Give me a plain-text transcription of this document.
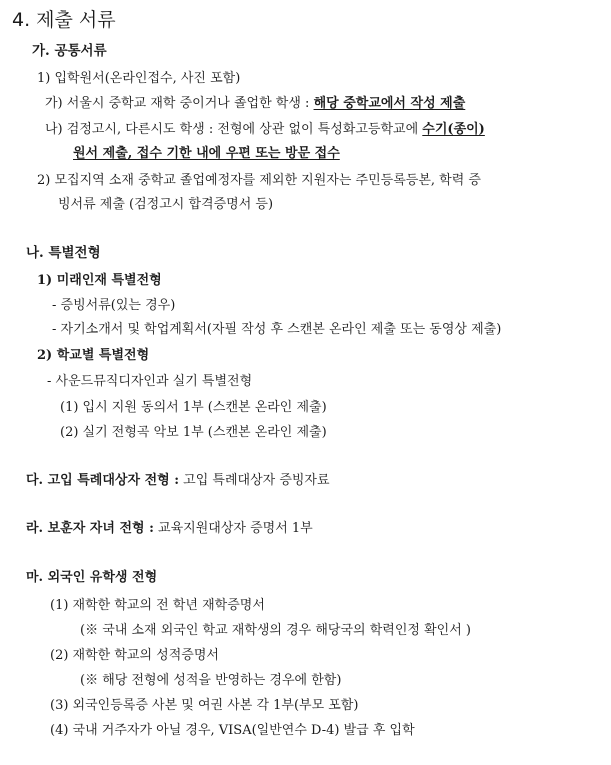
4. 제출 서류
가. 공통서류
1) 입학원서(온라인접수, 사진 포함)
가) 서울시 중학교 재학 중이거나 졸업한 학생 : 해당 중학교에서 작성 제출
나) 검정고시, 다른시도 학생 : 전형에 상관 없이 특성화고등학교에 수기(종이)
원서 제출, 접수 기한 내에 우편 또는 방문 접수
2) 모집지역 소재 중학교 졸업예정자를 제외한 지원자는 주민등록등본, 학력 증
빙서류 제출 (검정고시 합격증명서 등)
나. 특별전형
1) 미래인재 특별전형
- 증빙서류(있는 경우)
- 자기소개서 및 학업계획서(자필 작성 후 스캔본 온라인 제출 또는 동영상 제출)
2) 학교별 특별전형
- 사운드뮤직디자인과 실기 특별전형
(1) 입시 지원 동의서 1부 (스캔본 온라인 제출)
(2) 실기 전형곡 악보 1부 (스캔본 온라인 제출)
다. 고입 특례대상자 전형 : 고입 특례대상자 증빙자료
라. 보훈자 자녀 전형 : 교육지원대상자 증명서 1부
마. 외국인 유학생 전형
(1) 재학한 학교의 전 학년 재학증명서
(※ 국내 소재 외국인 학교 재학생의 경우 해당국의 학력인정 확인서 )
(2) 재학한 학교의 성적증명서
(※ 해당 전형에 성적을 반영하는 경우에 한함)
(3) 외국인등록증 사본 및 여권 사본 각 1부(부모 포함)
(4) 국내 거주자가 아닐 경우, VISA(일반연수 D-4) 발급 후 입학
